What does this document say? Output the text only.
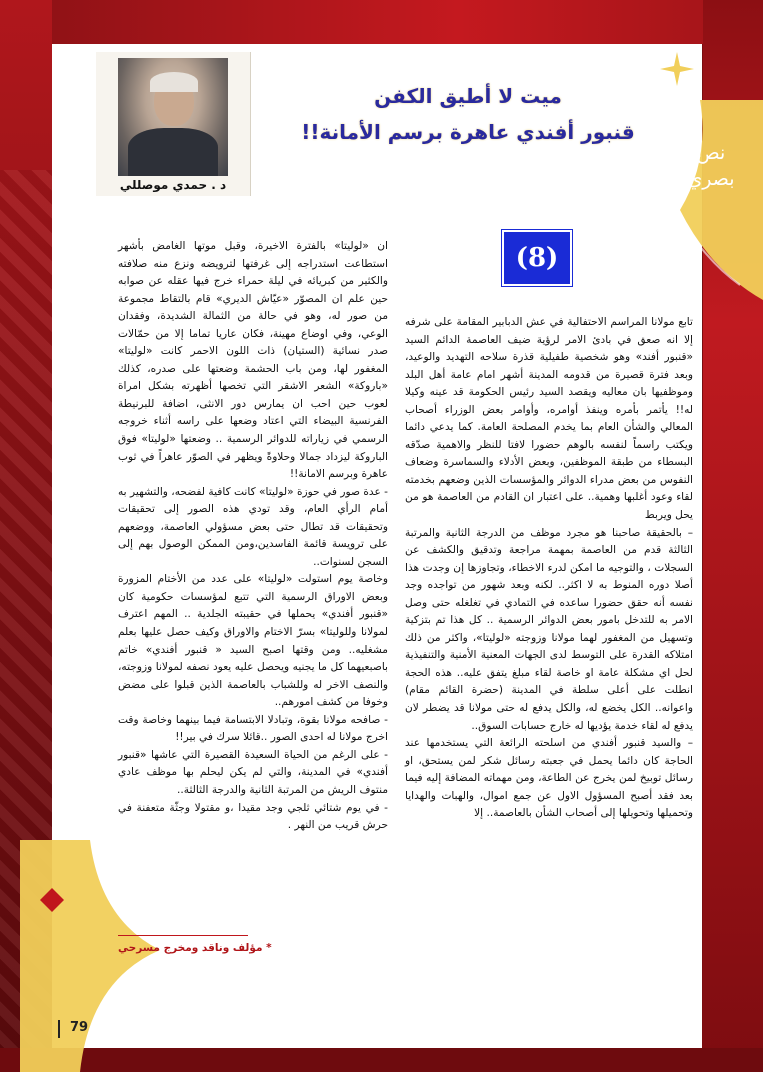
د . حمدي موصللي
ميت لا أطيق الكفن
قنبور أفندي عاهرة برسم الأمانة!!
نص
بصري
(8)

تابع مولانا المراسم الاحتفالية في عش الدبابير المقامة على شرفه إلا انه صعق في بادئ الامر لرؤية ضيف العاصمة الدائم السيد «قنبور أفند» وهو شخصية طفيلية قذرة سلاحه التهديد والوعيد، وبعد فترة قصيرة من قدومه المدينة أشهر امام عامة أهل البلد وموظفيها بان معاليه ويقصد السيد رئيس الحكومة قد عينه وكيلا له!! يأتمر بأمره وينفذ أوامره، وأوامر بعض الوزراء أصحاب المعالي والشأن العام بما يخدم المصلحة العامة. كما يدعي دائما ويكتب راسماً لنفسه بالوهم حضورا لافتا للنظر والاهمية صدّقه البسطاء من طبقة الموظفين، وبعض الأدلاء والسماسرة وضعاف النفوس من بعض مدراء الدوائر والمؤسسات الذين وضعهم بخدمته لقاء وعود أغلبها وهمية.. على اعتبار ان القادم من العاصمة هو من يحل ويربط

– بالحقيقة صاحبنا هو مجرد موظف من الدرجة الثانية والمرتبة الثالثة قدم من العاصمة بمهمة مراجعة وتدقيق والكشف عن السجلات ، والتوجيه ما امكن لدرء الاخطاء، وتجاوزها إن وجدت هذا أصلا دوره المنوط به لا اكثر.. لكنه وبعد شهور من تواجده وجد نفسه أنه حقق حضورا ساعده في التمادي في تغلغله حتى وصل الامر به للتدخل بامور بعض الدوائر الرسمية .. كل هذا تم بتزكية وتسهيل من المغفور لهما مولانا وزوجته «لوليتا»، واكثر من ذلك امتلاكه القدرة على التوسط لدى الجهات المعنية الأمنية والتنفيذية لحل اي مشكلة عامة او خاصة لقاء مبلغ يتفق عليه.. هذه الحجة انطلت على أعلى سلطة في المدينة (حضرة القائم مقام) واعوانه.. الكل يخضع له، والكل يدفع له حتى مولانا قد يضطر لان يدفع له لقاء خدمة يؤديها له خارج حسابات السوق..

– والسيد قنبور أفندي من اسلحته الرائعة التي يستخدمها عند الحاجة كان دائما يحمل في جعبته رسائل شكر لمن يستحق، او رسائل توبيخ لمن يخرج عن الطاعة، ومن مهماته المضافة إليه فيما بعد فقد أصبح المسؤول الاول عن جمع اموال، والهبات والهدايا وتحميلها وتحويلها إلى أصحاب الشأن بالعاصمة.. إلا

ان «لوليتا» بالفترة الاخيرة، وقبل موتها الغامض بأشهر استطاعت استدراجه إلى غرفتها لترويضه ونزع منه صلافته والكثير من كبريائه في ليلة حمراء خرج فيها عقله عن صوابه حين علم ان المصوّر «عيّاش الديري» قام بالتقاط مجموعة من صور له، وهو في حالة من الثمالة الشديدة، وفقدان الوعي، وفي اوضاع مهينة، فكان عاريا تماما إلا من حمّالات صدر نسائية (الستيان) ذات اللون الاحمر كانت «لوليتا» المغفور لها، ومن باب الحشمة وضعتها على صدره، كذلك «باروكة» الشعر الاشقر التي تخصها أظهرته بشكل امراة لعوب حين احب ان يمارس دور الانثى، اضافة للبرنيطة الفرنسية البيضاء التي اعتاد وضعها على راسه أثناء خروجه الرسمي في زياراته للدوائر الرسمية .. وضعتها «لوليتا» فوق الباروكة ليزداد جمالا وحلاوةً ويظهر في الصوّر عاهراً في ثوب عاهرة وبرسم الامانة!!

- عدة صور في حوزة «لوليتا» كانت كافية لفضحه، والتشهير به أمام الرأي العام، وقد تودي هذه الصور إلى تحقيقات وتحقيقات قد تطال حتى بعض مسؤولي العاصمة، ووضعهم على ترويسة قائمة الفاسدين،ومن الممكن الوصول بهم إلى السجن لسنوات..

وخاصة يوم استولت «لوليتا» على عدد من الأختام المزورة وبعض الاوراق الرسمية التي تتبع لمؤسسات حكومية كان «قنبور أفندي» يحملها في حقيبته الجلدية .. المهم اعترف لمولانا وللوليتا» بسرّ الاختام والاوراق وكيف حصل عليها بعلم مشغليه.. ومن وقتها اصبح السيد « قنبور أفندي» خاتم باصبعيهما كل ما يجنيه ويحصل عليه يعود نصفه لمولانا وزوجته، والنصف الاخر له وللشباب بالعاصمة الذين قبلوا على مضض وخوفا من كشف امورهم..

- صافحه مولانا بقوة، وتبادلا الابتسامة فيما بينهما وخاصة وقت اخرج مولانا له احدى الصور ..قائلا سرك في بير!!

- على الرغم من الحياة السعيدة القصيرة التي عاشها «قنبور أفندي» في المدينة، والتي لم يكن ليحلم بها موظف عادي منتوف الريش من المرتبة الثانية والدرجة الثالثة..

- في يوم شتائي ثلجي وجد مقيدا ،و مقتولا وجثّة متعفنة في حرش قريب من النهر .

* مؤلف وناقد ومخرج مسرحي
79
